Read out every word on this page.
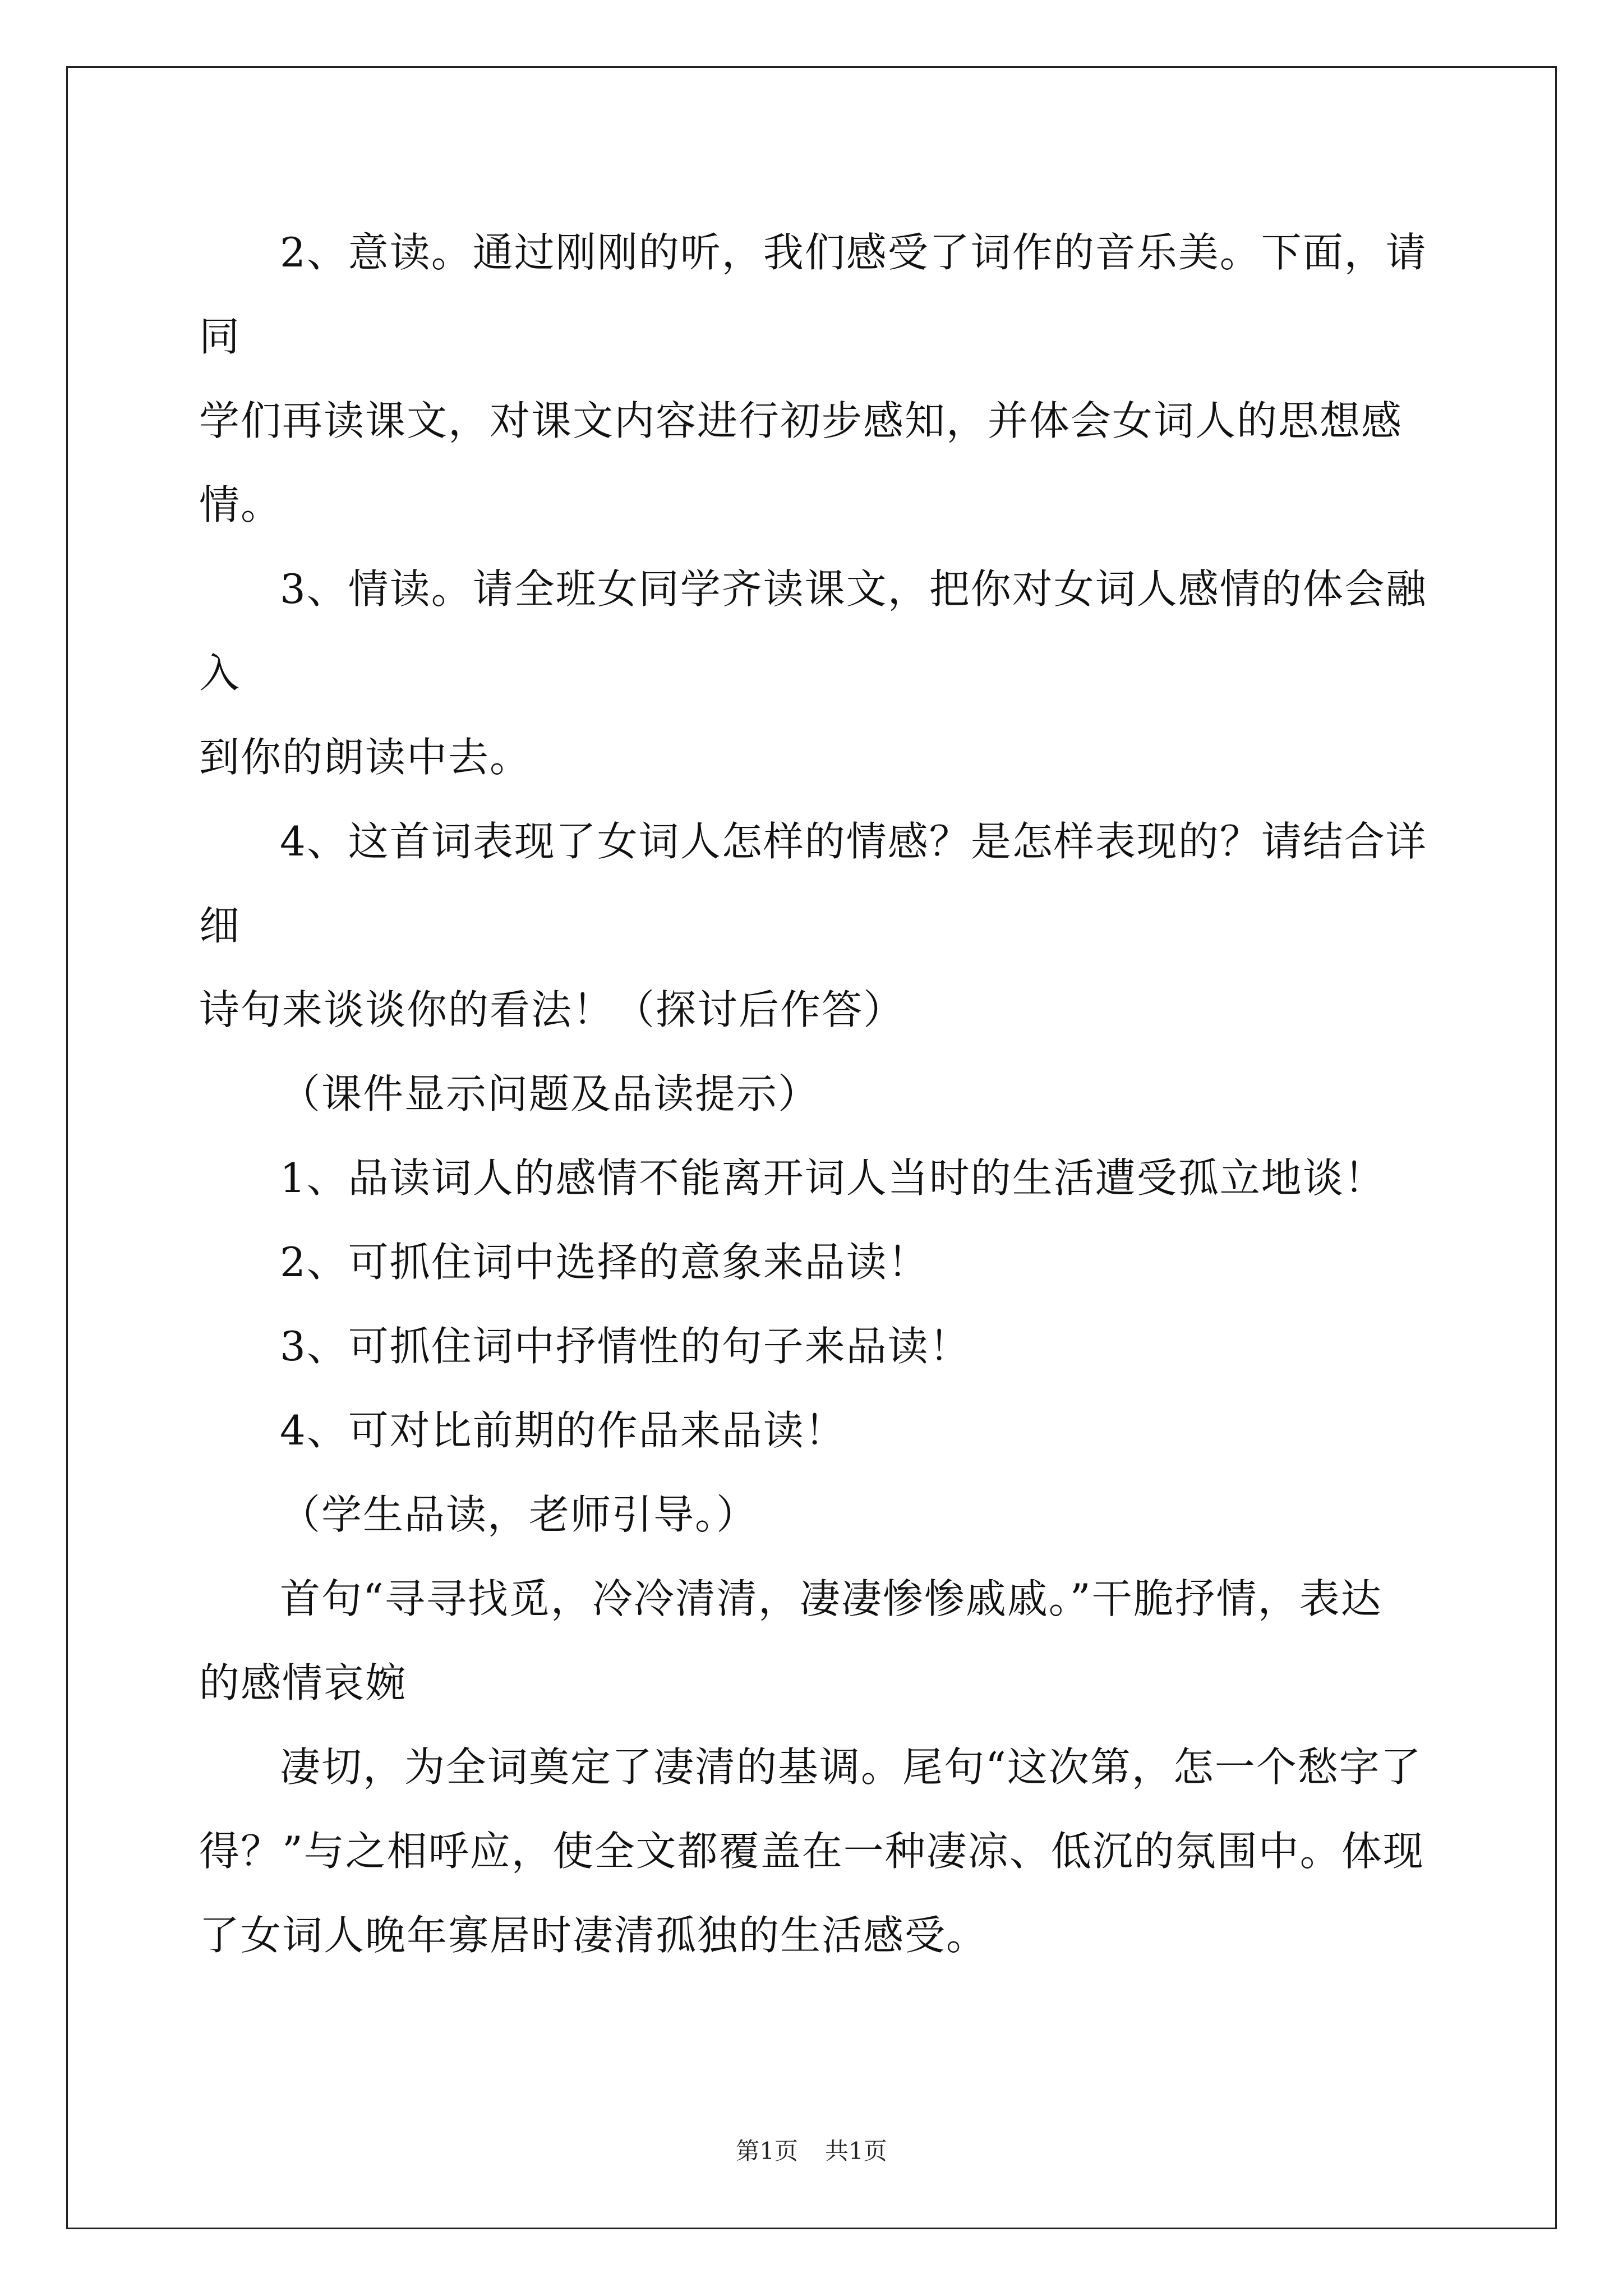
2、意读。通过刚刚的听，我们感受了词作的音乐美。下面，请同
学们再读课文，对课文内容进行初步感知，并体会女词人的思想感情。

3、情读。请全班女同学齐读课文，把你对女词人感情的体会融入
到你的朗读中去。

4、这首词表现了女词人怎样的情感？是怎样表现的？请结合详细
诗句来谈谈你的看法！（探讨后作答）

（课件显示问题及品读提示）

1、品读词人的感情不能离开词人当时的生活遭受孤立地谈！

2、可抓住词中选择的意象来品读！

3、可抓住词中抒情性的句子来品读！

4、可对比前期的作品来品读！

（学生品读，老师引导。）

首句“寻寻找觅，冷冷清清，凄凄惨惨戚戚。”干脆抒情，表达
的感情哀婉

凄切，为全词奠定了凄清的基调。尾句“这次第，怎一个愁字了
得？”与之相呼应，使全文都覆盖在一种凄凉、低沉的氛围中。体现
了女词人晚年寡居时凄清孤独的生活感受。

第1页 共1页
